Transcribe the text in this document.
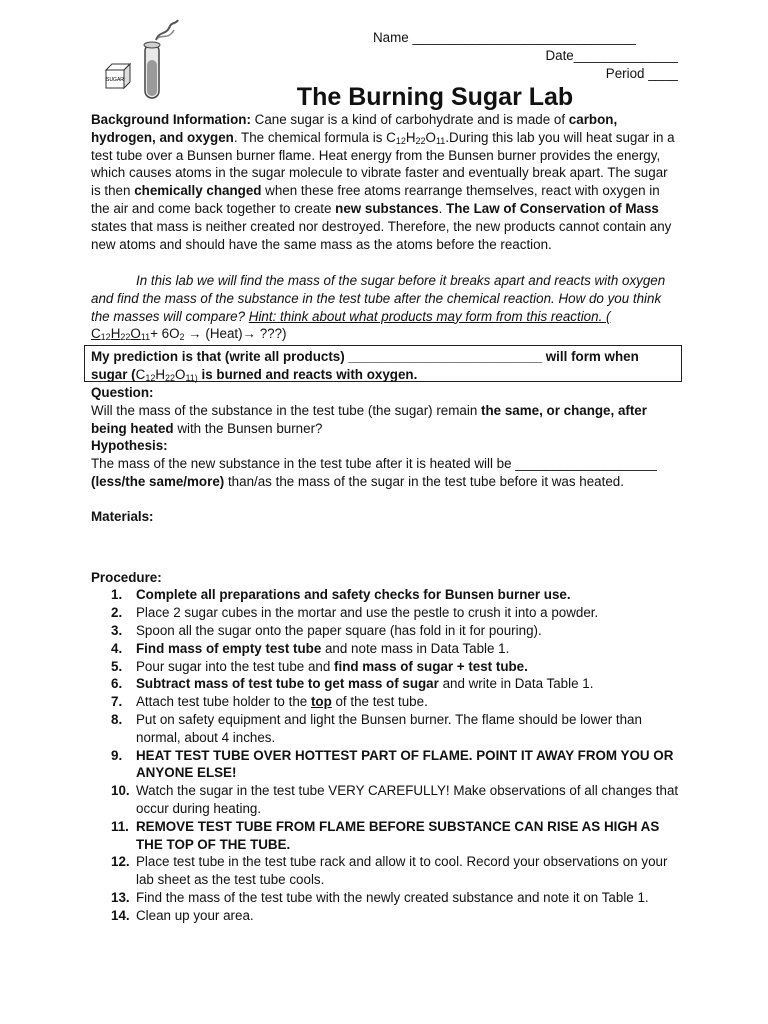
Name ______________________________
Date______________
Period ____
SUGAR
The Burning Sugar Lab
Background Information: Cane sugar is a kind of carbohydrate and is made of carbon, hydrogen, and oxygen. The chemical formula is $C_{12}H_{22}O_{11}.During$ this lab you will heat sugar in a test tube over a Bunsen burner flame. Heat energy from the Bunsen burner provides the energy, which causes atoms in the sugar molecule to vibrate faster and eventually break apart. The sugar is then chemically changed when these free atoms rearrange themselves, react with oxygen in the air and come back together to create new substances. The Law of Conservation of Mass states that mass is neither created nor destroyed. Therefore, the new products cannot contain any new atoms and should have the same mass as the atoms before the reaction.
In this lab we will find the mass of the sugar before it breaks apart and reacts with oxygen and find the mass of the substance in the test tube after the chemical reaction. How do you think the masses will compare? Hint: think about what products may form from this reaction. ( $C_{12}H_{22}O_{11}+ 6O_2$ → (Heat)→ ???)
My prediction is that (write all products) __________________________ will form when sugar ($C_{12}H_{22}O_{11)}$ is burned and reacts with oxygen.
Question:
Will the mass of the substance in the test tube (the sugar) remain the same, or change, after being heated with the Bunsen burner?
Hypothesis:
The mass of the new substance in the test tube after it is heated will be ___________________ (less/the same/more) than/as the mass of the sugar in the test tube before it was heated.
Materials:
Procedure:
1. Complete all preparations and safety checks for Bunsen burner use.
2. Place 2 sugar cubes in the mortar and use the pestle to crush it into a powder.
3. Spoon all the sugar onto the paper square (has fold in it for pouring).
4. Find mass of empty test tube and note mass in Data Table 1.
5. Pour sugar into the test tube and find mass of sugar + test tube.
6. Subtract mass of test tube to get mass of sugar and write in Data Table 1.
7. Attach test tube holder to the top of the test tube.
8. Put on safety equipment and light the Bunsen burner. The flame should be lower than normal, about 4 inches.
9. HEAT TEST TUBE OVER HOTTEST PART OF FLAME. POINT IT AWAY FROM YOU OR ANYONE ELSE!
10. Watch the sugar in the test tube VERY CAREFULLY! Make observations of all changes that occur during heating.
11. REMOVE TEST TUBE FROM FLAME BEFORE SUBSTANCE CAN RISE AS HIGH AS THE TOP OF THE TUBE.
12. Place test tube in the test tube rack and allow it to cool. Record your observations on your lab sheet as the test tube cools.
13. Find the mass of the test tube with the newly created substance and note it on Table 1.
14. Clean up your area.
